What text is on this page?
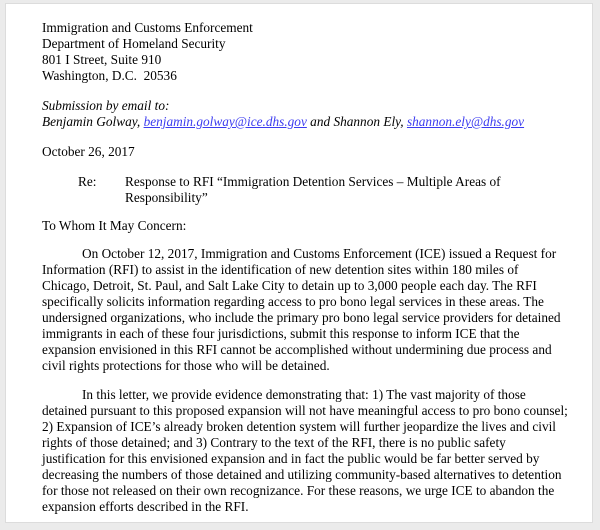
Immigration and Customs Enforcement
Department of Homeland Security
801 I Street, Suite 910
Washington, D.C.  20536
Submission by email to:
Benjamin Golway, benjamin.golway@ice.dhs.gov and Shannon Ely, shannon.ely@dhs.gov
October 26, 2017
Re:	Response to RFI “Immigration Detention Services – Multiple Areas of Responsibility”
To Whom It May Concern:

On October 12, 2017, Immigration and Customs Enforcement (ICE) issued a Request for Information (RFI) to assist in the identification of new detention sites within 180 miles of Chicago, Detroit, St. Paul, and Salt Lake City to detain up to 3,000 people each day. The RFI specifically solicits information regarding access to pro bono legal services in these areas. The undersigned organizations, who include the primary pro bono legal service providers for detained immigrants in each of these four jurisdictions, submit this response to inform ICE that the expansion envisioned in this RFI cannot be accomplished without undermining due process and civil rights protections for those who will be detained.

In this letter, we provide evidence demonstrating that: 1) The vast majority of those detained pursuant to this proposed expansion will not have meaningful access to pro bono counsel; 2) Expansion of ICE’s already broken detention system will further jeopardize the lives and civil rights of those detained; and 3) Contrary to the text of the RFI, there is no public safety justification for this envisioned expansion and in fact the public would be far better served by decreasing the numbers of those detained and utilizing community-based alternatives to detention for those not released on their own recognizance. For these reasons, we urge ICE to abandon the expansion efforts described in the RFI.
